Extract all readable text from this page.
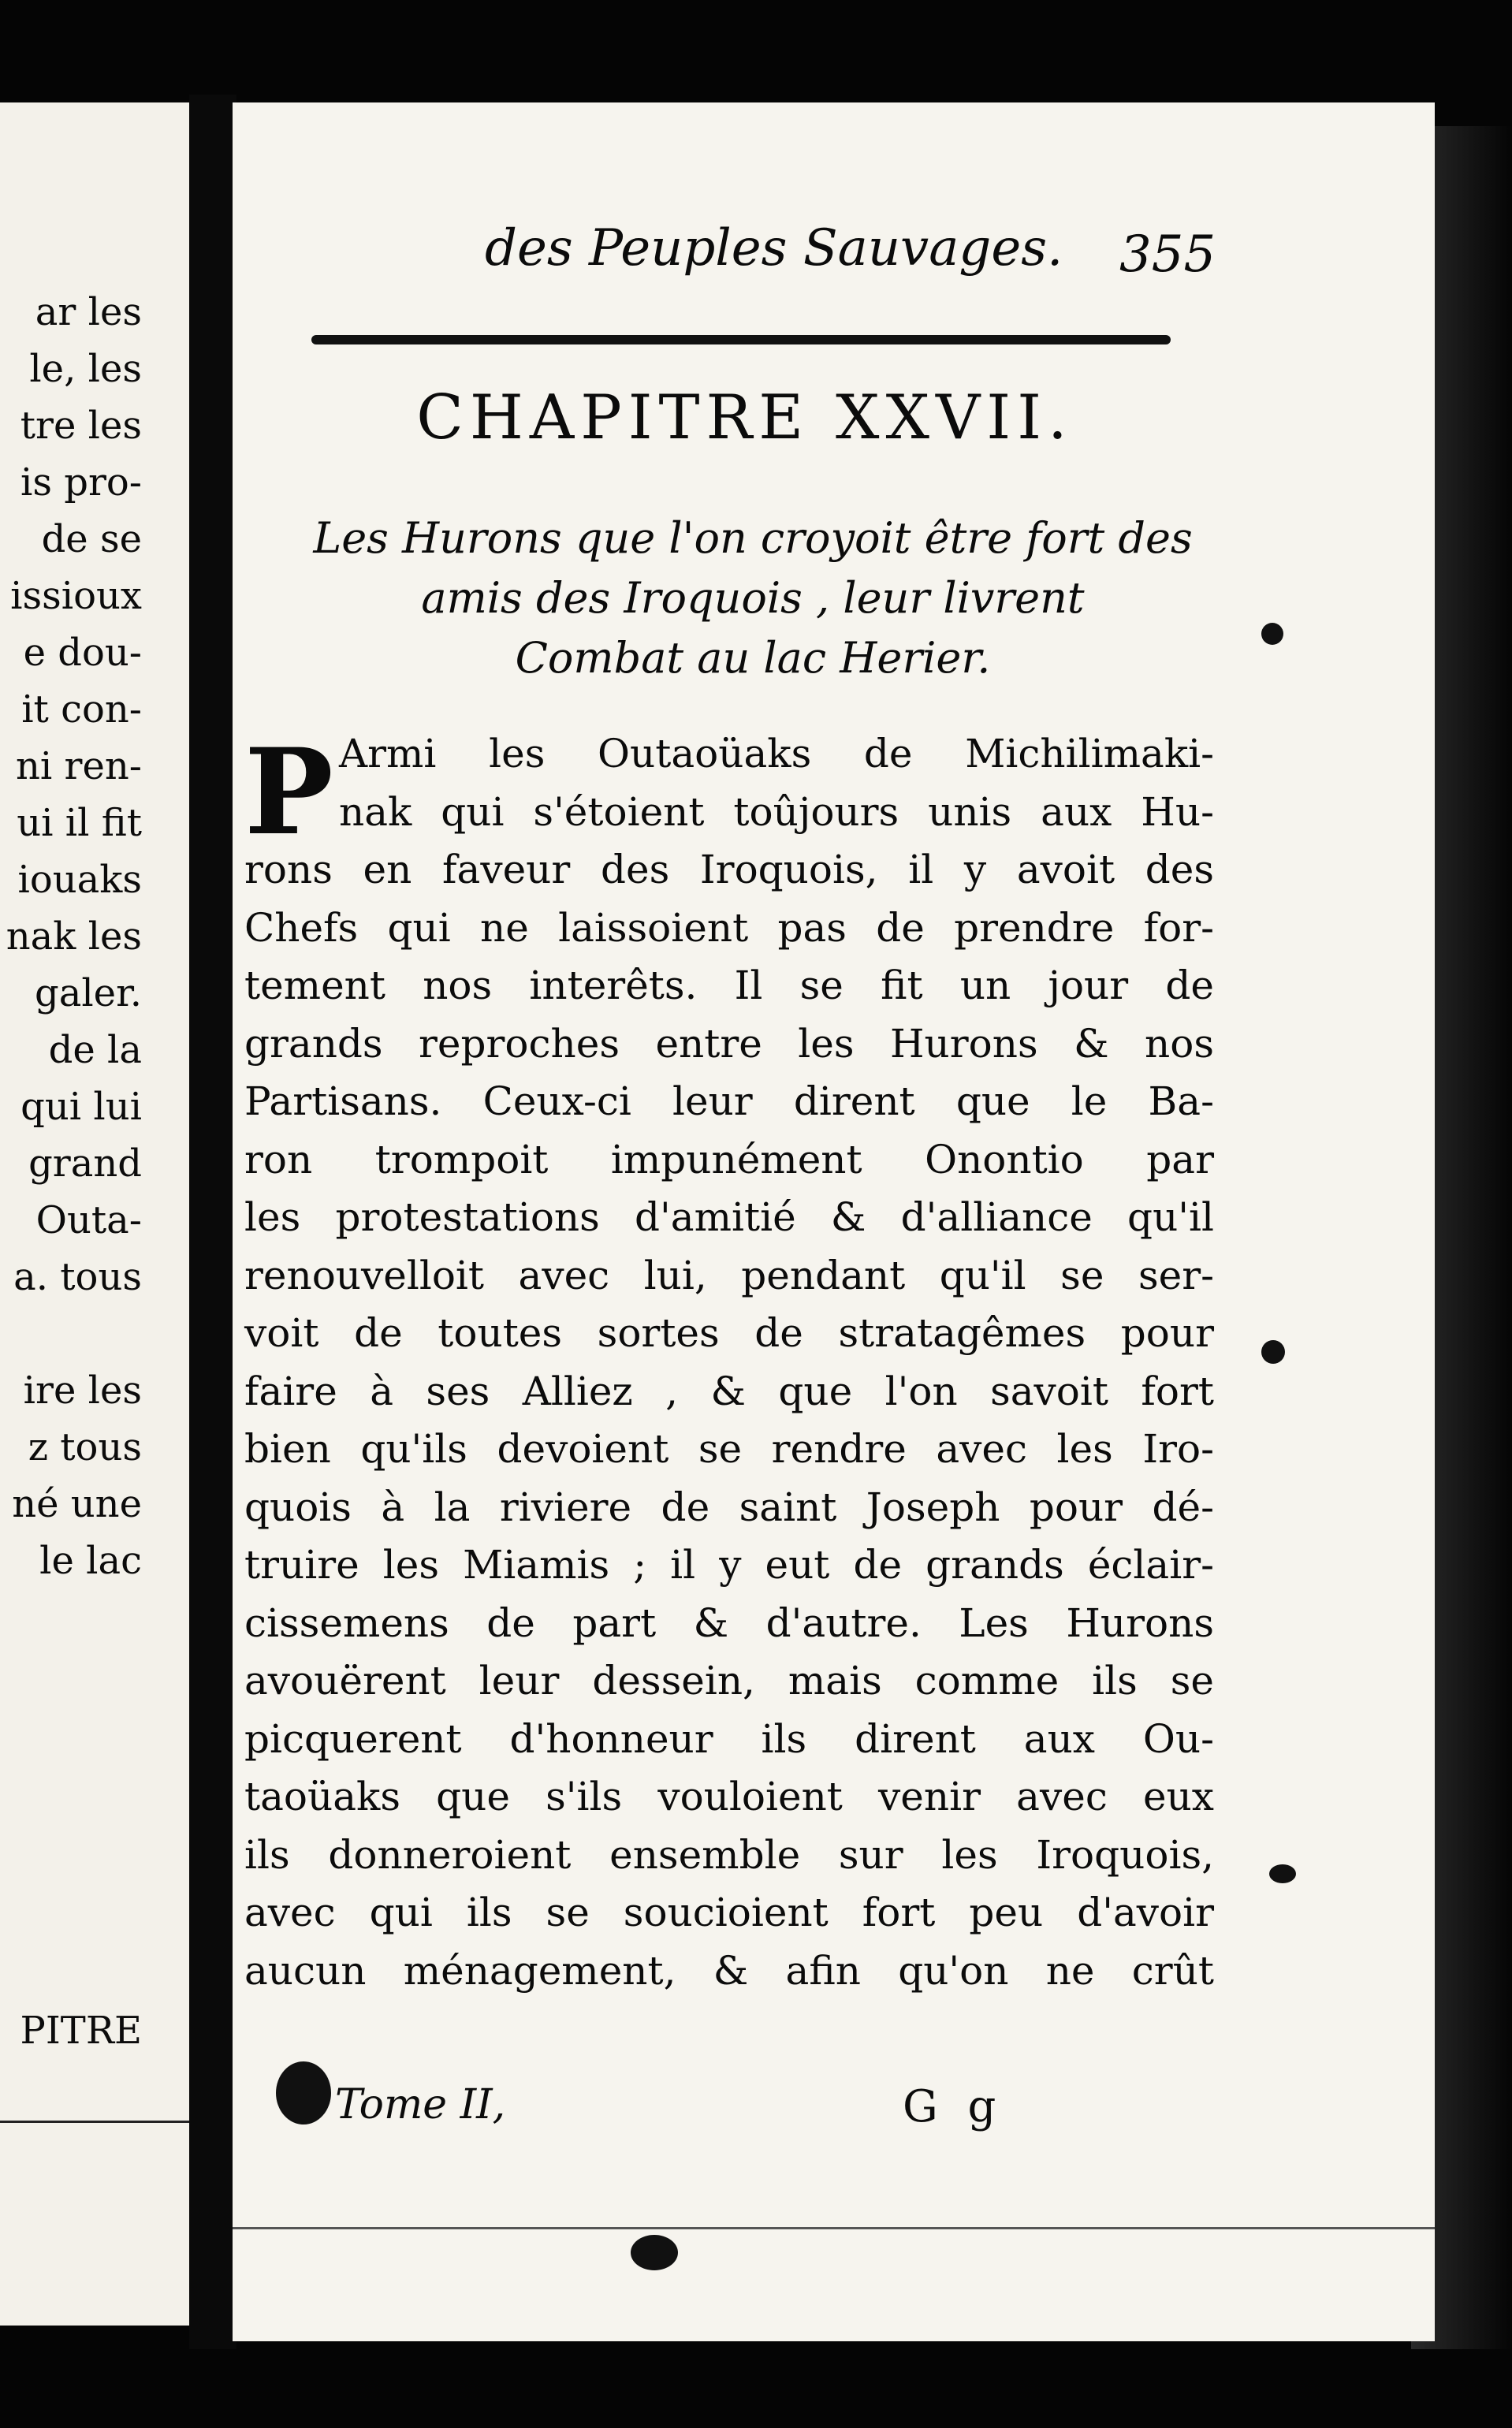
ar les
le, les
tre les
is pro-
de se
issioux
e dou-
it con-
ni ren-
ui il fit
iouaks
nak les
galer.
de la
qui lui
grand
Outa-
a. tous
ire les
z tous
né une
le lac
PITRE
des Peuples Sauvages. 355
CHAPITRE XXVII.
Les Hurons que l'on croyoit être fort des
amis des Iroquois , leur livrent
Combat au lac Herier.
P Armi les Outaoüaks de Michilimaki-
nak qui s'étoient toûjours unis aux Hu-
rons en faveur des Iroquois, il y avoit des
Chefs qui ne laissoient pas de prendre for-
tement nos interêts. Il se fit un jour de
grands reproches entre les Hurons & nos
Partisans. Ceux-ci leur dirent que le Ba-
ron trompoit impunément Onontio par
les protestations d'amitié & d'alliance qu'il
renouvelloit avec lui, pendant qu'il se ser-
voit de toutes sortes de stratagêmes pour
faire à ses Alliez , & que l'on savoit fort
bien qu'ils devoient se rendre avec les Iro-
quois à la riviere de saint Joseph pour dé-
truire les Miamis ; il y eut de grands éclair-
cissemens de part & d'autre. Les Hurons
avouërent leur dessein, mais comme ils se
picquerent d'honneur ils dirent aux Ou-
taoüaks que s'ils vouloient venir avec eux
ils donneroient ensemble sur les Iroquois,
avec qui ils se soucioient fort peu d'avoir
aucun ménagement, & afin qu'on ne crût
Tome II,	G g
